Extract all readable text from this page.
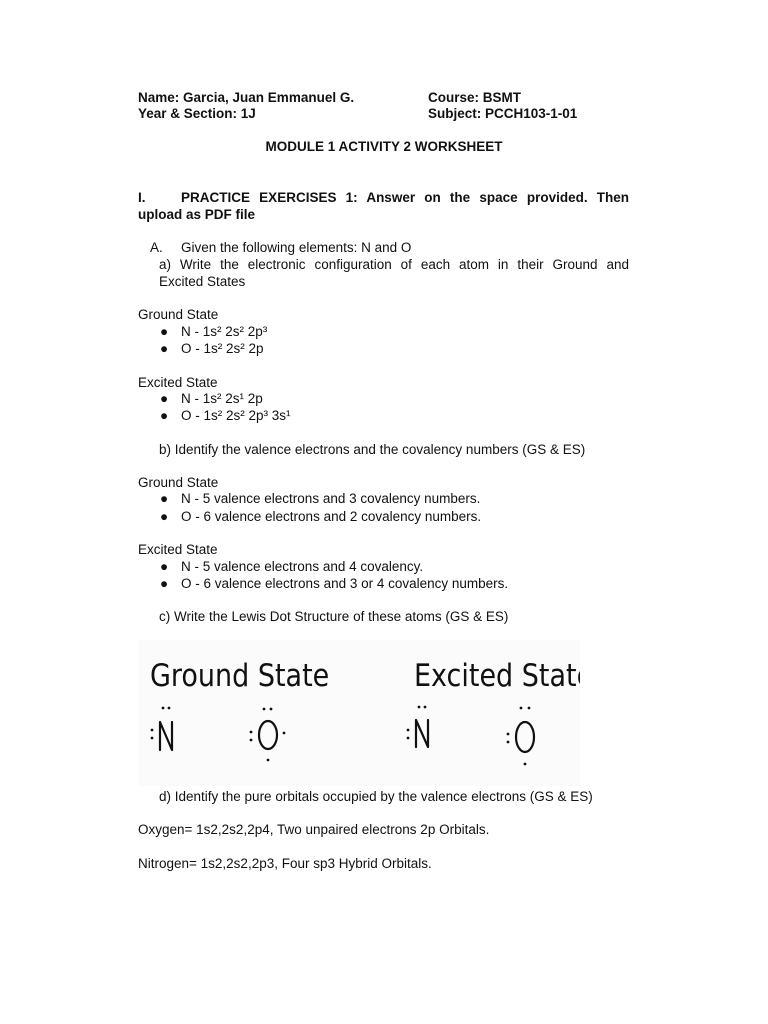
Name: Garcia, Juan Emmanuel G.	Course: BSMT
Year & Section: 1J	Subject: PCCH103-1-01
MODULE 1 ACTIVITY 2 WORKSHEET
I.	PRACTICE EXERCISES 1: Answer on the space provided. Then
upload as PDF file
A. Given the following elements: N and O
a) Write the electronic configuration of each atom in their Ground and
Excited States
Ground State
● N - 1s² 2s² 2p³
● O - 1s² 2s² 2p
Excited State
● N - 1s² 2s¹ 2p
● O - 1s² 2s² 2p³ 3s¹
b) Identify the valence electrons and the covalency numbers (GS & ES)
Ground State
● N - 5 valence electrons and 3 covalency numbers.
● O - 6 valence electrons and 2 covalency numbers.
Excited State
● N - 5 valence electrons and 4 covalency.
● O - 6 valence electrons and 3 or 4 covalency numbers.
c) Write the Lewis Dot Structure of these atoms (GS & ES)
Ground State	Excited State
d) Identify the pure orbitals occupied by the valence electrons (GS & ES)
Oxygen= 1s2,2s2,2p4, Two unpaired electrons 2p Orbitals.
Nitrogen= 1s2,2s2,2p3, Four sp3 Hybrid Orbitals.
